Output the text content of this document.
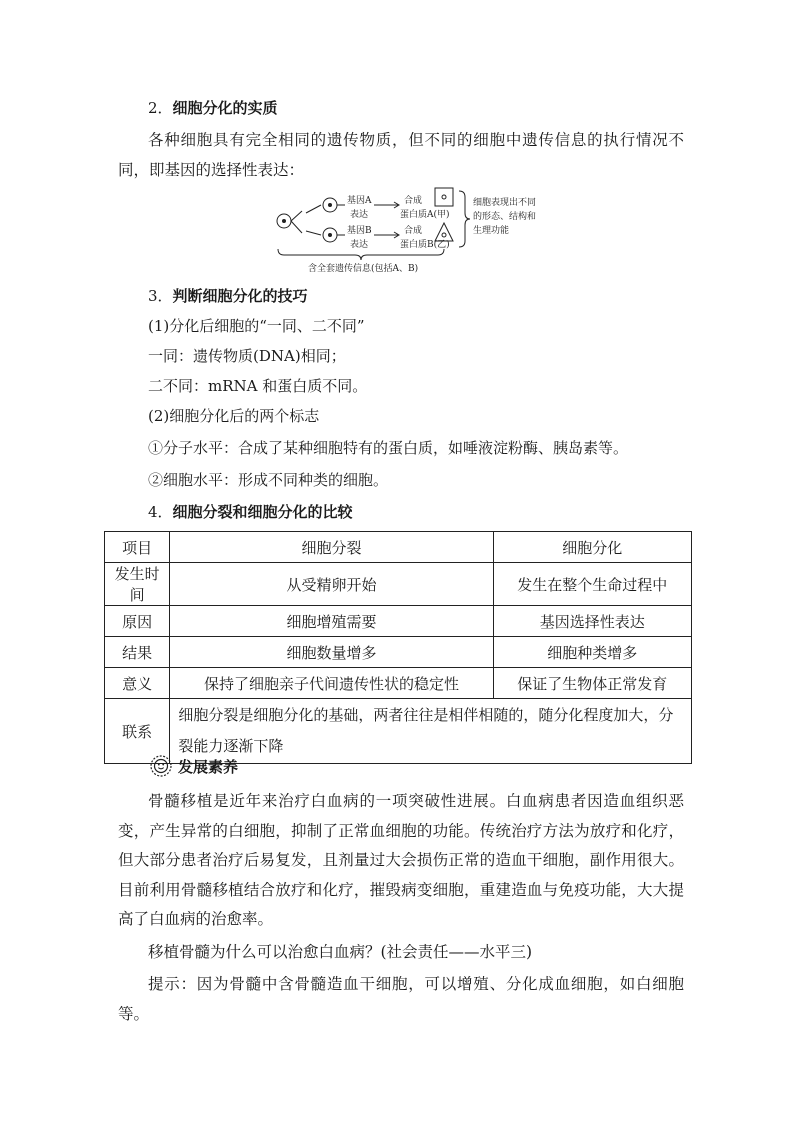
2．细胞分化的实质
各种细胞具有完全相同的遗传物质，但不同的细胞中遗传信息的执行情况不同，即基因的选择性表达：
基因A
表达
合成
蛋白质A(甲)
基因B
表达
合成
蛋白质B(乙)
细胞表现出不同
的形态、结构和
生理功能
含全套遗传信息(包括A、B)
3．判断细胞分化的技巧
(1)分化后细胞的“一同、二不同”
一同：遗传物质(DNA)相同；
二不同：mRNA 和蛋白质不同。
(2)细胞分化后的两个标志
①分子水平：合成了某种细胞特有的蛋白质，如唾液淀粉酶、胰岛素等。
②细胞水平：形成不同种类的细胞。
4．细胞分裂和细胞分化的比较
项目	细胞分裂	细胞分化
发生时间	从受精卵开始	发生在整个生命过程中
原因	细胞增殖需要	基因选择性表达
结果	细胞数量增多	细胞种类增多
意义	保持了细胞亲子代间遗传性状的稳定性	保证了生物体正常发育
联系	细胞分裂是细胞分化的基础，两者往往是相伴相随的，随分化程度加大，分裂能力逐渐下降	
发展素养
骨髓移植是近年来治疗白血病的一项突破性进展。白血病患者因造血组织恶变，产生异常的白细胞，抑制了正常血细胞的功能。传统治疗方法为放疗和化疗，但大部分患者治疗后易复发，且剂量过大会损伤正常的造血干细胞，副作用很大。目前利用骨髓移植结合放疗和化疗，摧毁病变细胞，重建造血与免疫功能，大大提高了白血病的治愈率。
移植骨髓为什么可以治愈白血病？(社会责任——水平三)
提示：因为骨髓中含骨髓造血干细胞，可以增殖、分化成血细胞，如白细胞等。
